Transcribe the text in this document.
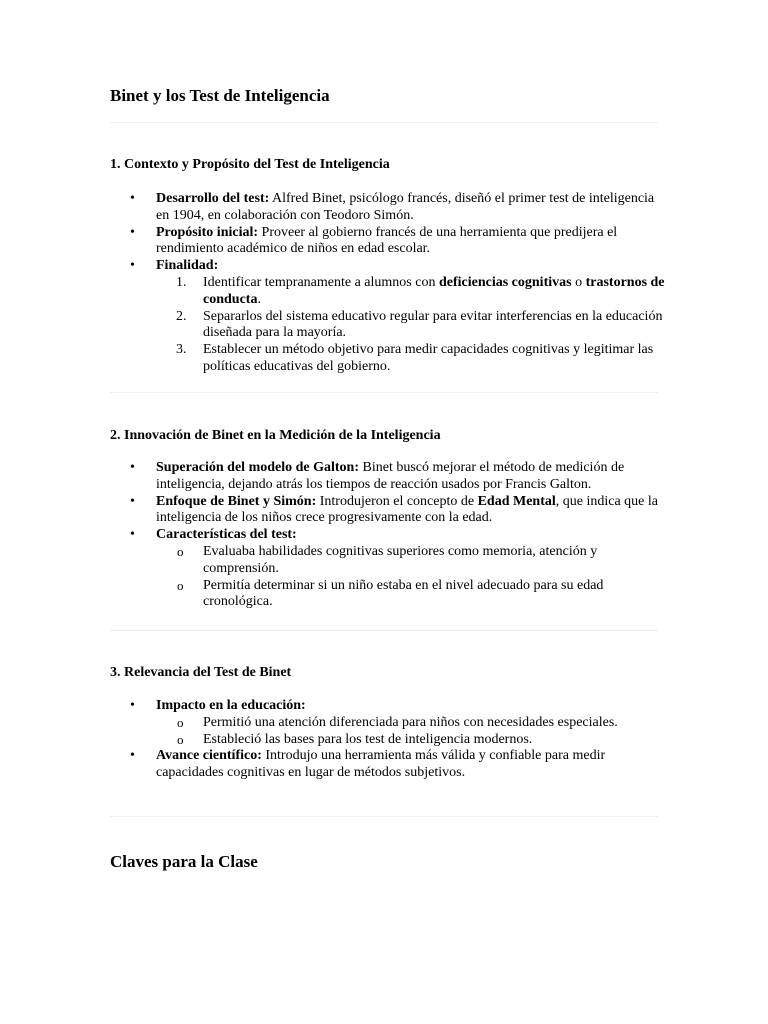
Binet y los Test de Inteligencia
1. Contexto y Propósito del Test de Inteligencia
• Desarrollo del test: Alfred Binet, psicólogo francés, diseñó el primer test de inteligencia en 1904, en colaboración con Teodoro Simón.
• Propósito inicial: Proveer al gobierno francés de una herramienta que predijera el rendimiento académico de niños en edad escolar.
• Finalidad:
1. Identificar tempranamente a alumnos con deficiencias cognitivas o trastornos de conducta.
2. Separarlos del sistema educativo regular para evitar interferencias en la educación diseñada para la mayoría.
3. Establecer un método objetivo para medir capacidades cognitivas y legitimar las políticas educativas del gobierno.
2. Innovación de Binet en la Medición de la Inteligencia
• Superación del modelo de Galton: Binet buscó mejorar el método de medición de inteligencia, dejando atrás los tiempos de reacción usados por Francis Galton.
• Enfoque de Binet y Simón: Introdujeron el concepto de Edad Mental, que indica que la inteligencia de los niños crece progresivamente con la edad.
• Características del test:
o Evaluaba habilidades cognitivas superiores como memoria, atención y comprensión.
o Permitía determinar si un niño estaba en el nivel adecuado para su edad cronológica.
3. Relevancia del Test de Binet
• Impacto en la educación:
o Permitió una atención diferenciada para niños con necesidades especiales.
o Estableció las bases para los test de inteligencia modernos.
• Avance científico: Introdujo una herramienta más válida y confiable para medir capacidades cognitivas en lugar de métodos subjetivos.
Claves para la Clase
